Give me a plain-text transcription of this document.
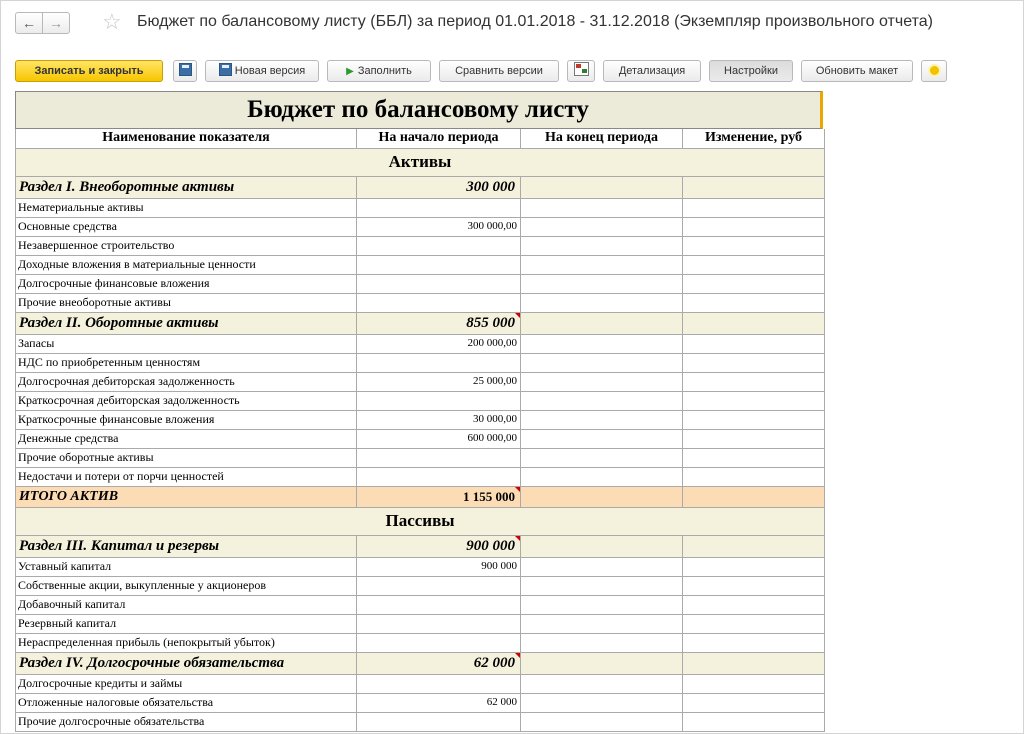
← →	☆ Бюджет по балансовому листу (ББЛ) за период 01.01.2018 - 31.12.2018 (Экземпляр произвольного отчета)
Записать и закрыть	Новая версия	▶ Заполнить	Сравнить версии	Детализация	Настройки	Обновить макет
Бюджет по балансовому листу
Наименование показателя	На начало периода	На конец периода	Изменение, руб
Активы
Раздел I. Внеоборотные активы	300 000
Нематериальные активы
Основные средства	300 000,00
Незавершенное строительство
Доходные вложения в материальные ценности
Долгосрочные финансовые вложения
Прочие внеоборотные активы
Раздел II. Оборотные активы	855 000
Запасы	200 000,00
НДС по приобретенным ценностям
Долгосрочная дебиторская задолженность	25 000,00
Краткосрочная дебиторская задолженность
Краткосрочные финансовые вложения	30 000,00
Денежные средства	600 000,00
Прочие оборотные активы
Недостачи и потери от порчи ценностей
ИТОГО АКТИВ	1 155 000
Пассивы
Раздел III. Капитал и резервы	900 000
Уставный капитал	900 000
Собственные акции, выкупленные у акционеров
Добавочный капитал
Резервный капитал
Нераспределенная прибыль (непокрытый убыток)
Раздел IV. Долгосрочные обязательства	62 000
Долгосрочные кредиты и займы
Отложенные налоговые обязательства	62 000
Прочие долгосрочные обязательства
